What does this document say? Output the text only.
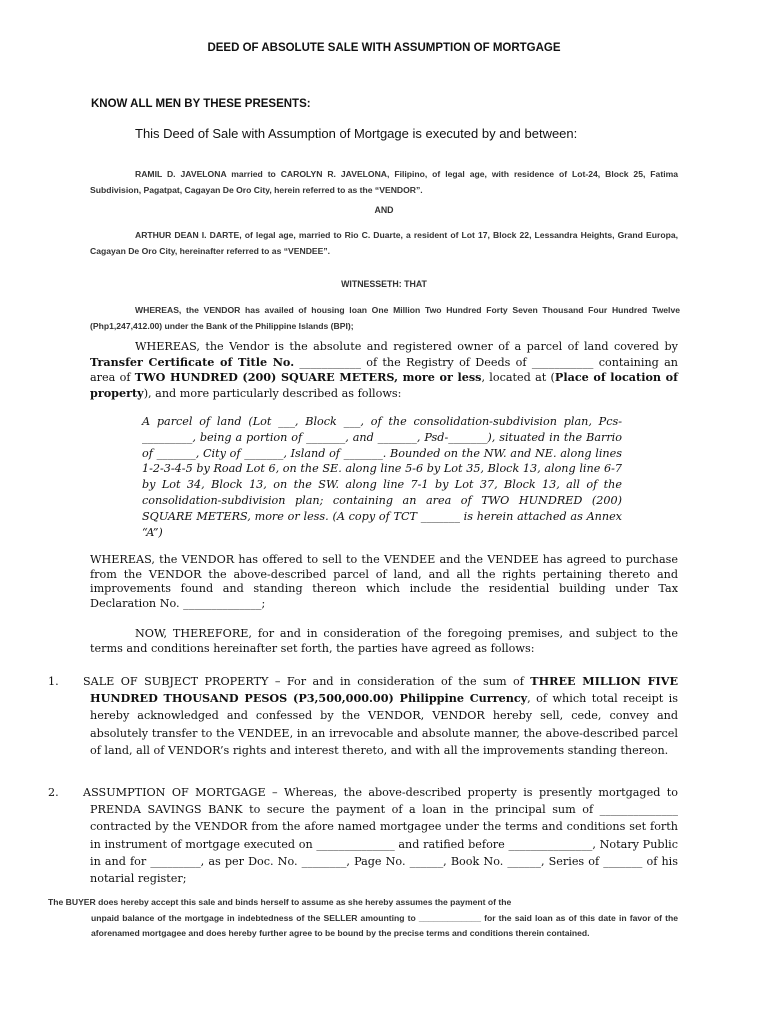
DEED OF ABSOLUTE SALE WITH ASSUMPTION OF MORTGAGE

KNOW ALL MEN BY THESE PRESENTS:

This Deed of Sale with Assumption of Mortgage is executed by and between:

RAMIL D. JAVELONA married to CAROLYN R. JAVELONA, Filipino, of legal age, with residence of Lot-24, Block 25, Fatima Subdivision, Pagatpat, Cagayan De Oro City, herein referred to as the “VENDOR”.

AND

ARTHUR DEAN I. DARTE, of legal age, married to Rio C. Duarte, a resident of Lot 17, Block 22, Lessandra Heights, Grand Europa, Cagayan De Oro City, hereinafter referred to as “VENDEE”.

WITNESSETH: THAT

WHEREAS, the VENDOR has availed of housing loan One Million Two Hundred Forty Seven Thousand Four Hundred Twelve (Php1,247,412.00) under the Bank of the Philippine Islands (BPI);

WHEREAS, the Vendor is the absolute and registered owner of a parcel of land covered by Transfer Certificate of Title No. ___________ of the Registry of Deeds of ___________ containing an area of TWO HUNDRED (200) SQUARE METERS, more or less, located at (Place of location of property), and more particularly described as follows:

A parcel of land (Lot ___, Block ___, of the consolidation-subdivision plan, Pcs-_________, being a portion of _______, and _______, Psd-_______), situated in the Barrio of _______, City of _______, Island of _______. Bounded on the NW. and NE. along lines 1-2-3-4-5 by Road Lot 6, on the SE. along line 5-6 by Lot 35, Block 13, along line 6-7 by Lot 34, Block 13, on the SW. along line 7-1 by Lot 37, Block 13, all of the consolidation-subdivision plan; containing an area of TWO HUNDRED (200) SQUARE METERS, more or less. (A copy of TCT _______ is herein attached as Annex “A”)

WHEREAS, the VENDOR has offered to sell to the VENDEE and the VENDEE has agreed to purchase from the VENDOR the above-described parcel of land, and all the rights pertaining thereto and improvements found and standing thereon which include the residential building under Tax Declaration No. ______________;

NOW, THEREFORE, for and in consideration of the foregoing premises, and subject to the terms and conditions hereinafter set forth, the parties have agreed as follows:

1. SALE OF SUBJECT PROPERTY – For and in consideration of the sum of THREE MILLION FIVE HUNDRED THOUSAND PESOS (P3,500,000.00) Philippine Currency, of which total receipt is hereby acknowledged and confessed by the VENDOR, VENDOR hereby sell, cede, convey and absolutely transfer to the VENDEE, in an irrevocable and absolute manner, the above-described parcel of land, all of VENDOR’s rights and interest thereto, and with all the improvements standing thereon.

2. ASSUMPTION OF MORTGAGE – Whereas, the above-described property is presently mortgaged to PRENDA SAVINGS BANK to secure the payment of a loan in the principal sum of ______________ contracted by the VENDOR from the afore named mortgagee under the terms and conditions set forth in instrument of mortgage executed on ______________ and ratified before _______________, Notary Public in and for _________, as per Doc. No. ________, Page No. ______, Book No. ______, Series of _______ of his notarial register;

The BUYER does hereby accept this sale and binds herself to assume as she hereby assumes the payment of the
unpaid balance of the mortgage in indebtedness of the SELLER amounting to _____________ for the said loan as of this date in favor of the aforenamed mortgagee and does hereby further agree to be bound by the precise terms and conditions therein contained.
